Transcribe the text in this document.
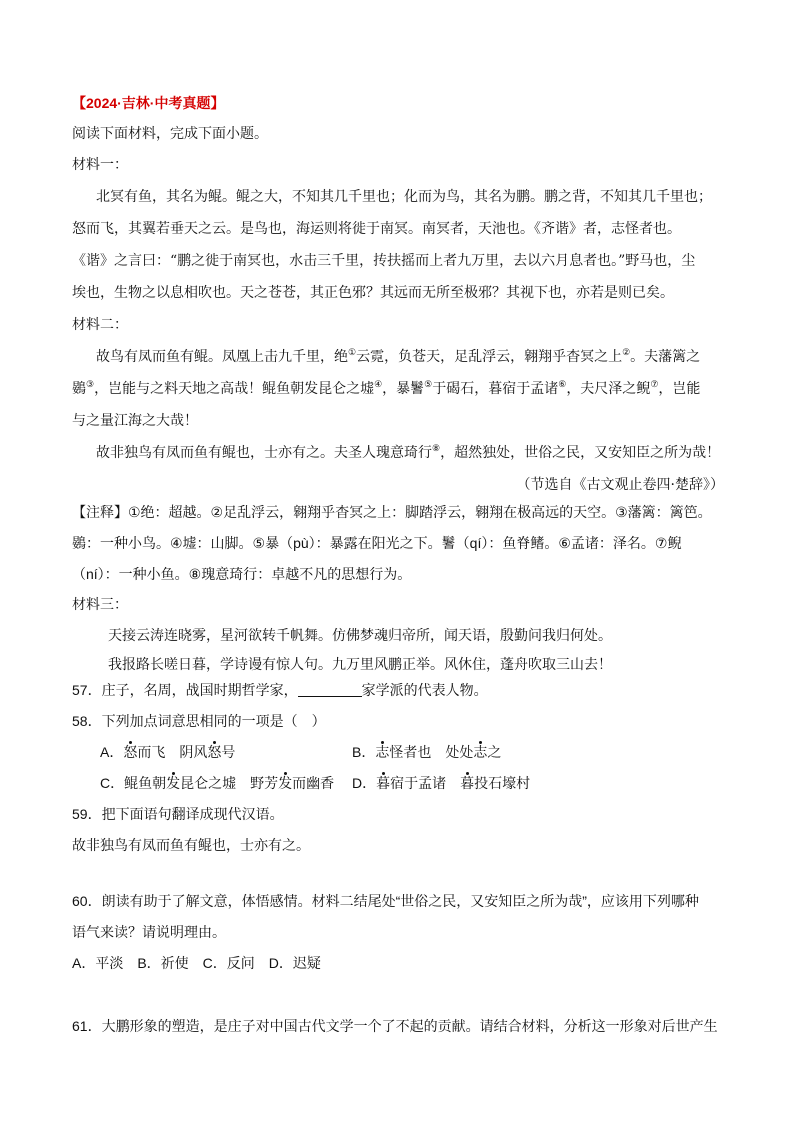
【2024·吉林·中考真题】
阅读下面材料，完成下面小题。
材料一：
北冥有鱼，其名为鲲。鲲之大，不知其几千里也；化而为鸟，其名为鹏。鹏之背，不知其几千里也；
怒而飞，其翼若垂天之云。是鸟也，海运则将徙于南冥。南冥者，天池也。《齐谐》者，志怪者也。
《谐》之言曰：“鹏之徙于南冥也，水击三千里，抟扶摇而上者九万里，去以六月息者也。”野马也，尘
埃也，生物之以息相吹也。天之苍苍，其正色邪？其远而无所至极邪？其视下也，亦若是则已矣。
材料二：
故鸟有凤而鱼有鲲。凤凰上击九千里，绝①云霓，负苍天，足乱浮云，翱翔乎杳冥之上②。夫藩篱之
鷃③，岂能与之料天地之高哉！鲲鱼朝发昆仑之墟④，暴鬐⑤于碣石，暮宿于孟诸⑥，夫尺泽之鲵⑦，岂能
与之量江海之大哉！
故非独鸟有凤而鱼有鲲也，士亦有之。夫圣人瑰意琦行⑧，超然独处，世俗之民，又安知臣之所为哉！
（节选自《古文观止卷四·楚辞》）
【注释】①绝：超越。②足乱浮云，翱翔乎杳冥之上：脚踏浮云，翱翔在极高远的天空。③藩篱：篱笆。
鷃：一种小鸟。④墟：山脚。⑤暴（pù）：暴露在阳光之下。鬐（qí）：鱼脊鳍。⑥孟诸：泽名。⑦鲵
（ní）：一种小鱼。⑧瑰意琦行：卓越不凡的思想行为。
材料三：
天接云涛连晓雾，星河欲转千帆舞。仿佛梦魂归帝所，闻天语，殷勤问我归何处。
我报路长嗟日暮，学诗谩有惊人句。九万里风鹏正举。风休住，蓬舟吹取三山去！
57．庄子，名周，战国时期哲学家，	家学派的代表人物。
58．下列加点词意思相同的一项是（　）
A．怒而飞　 阴风怒号	B．志怪者也　 处处志之
C．鲲鱼朝发昆仑之墟　 野芳发而幽香 D．暮宿于孟诸　 暮投石壕村
59．把下面语句翻译成现代汉语。
故非独鸟有凤而鱼有鲲也，士亦有之。
60．朗读有助于了解文意，体悟感情。材料二结尾处“世俗之民，又安知臣之所为哉”，应该用下列哪种
语气来读？请说明理由。
A．平淡　B．祈使　C．反问　D．迟疑
61．大鹏形象的塑造，是庄子对中国古代文学一个了不起的贡献。请结合材料，分析这一形象对后世产生
